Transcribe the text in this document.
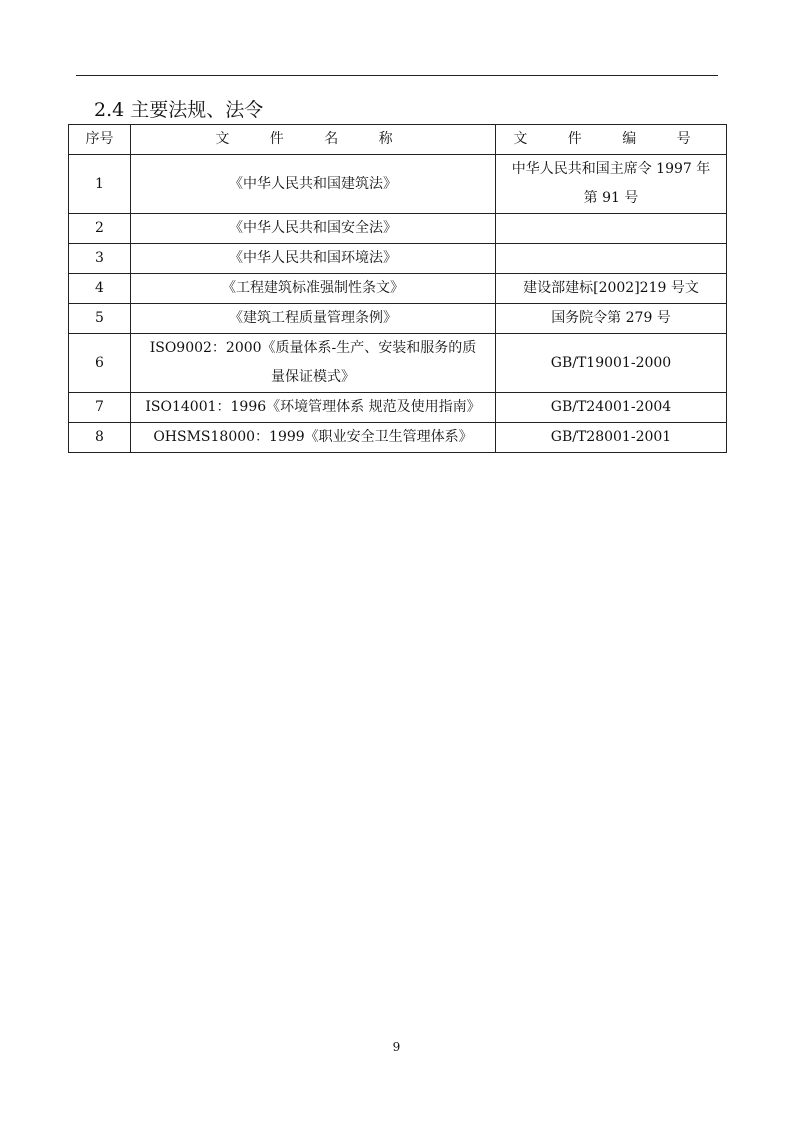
2.4 主要法规、法令
序号	文 件 名 称	文 件 编 号
1	《中华人民共和国建筑法》	中华人民共和国主席令 1997 年
第 91 号

2	《中华人民共和国安全法》	
3	《中华人民共和国环境法》	
4	《工程建筑标准强制性条文》	建设部建标[2002]219 号文
5	《建筑工程质量管理条例》	国务院令第 279 号
6	ISO9002：2000《质量体系-生产、安装和服务的质
量保证模式》	GB/T19001-2000
7	ISO14001：1996《环境管理体系 规范及使用指南》	GB/T24001-2004
8	OHSMS18000：1999《职业安全卫生管理体系》	GB/T28001-2001
9
